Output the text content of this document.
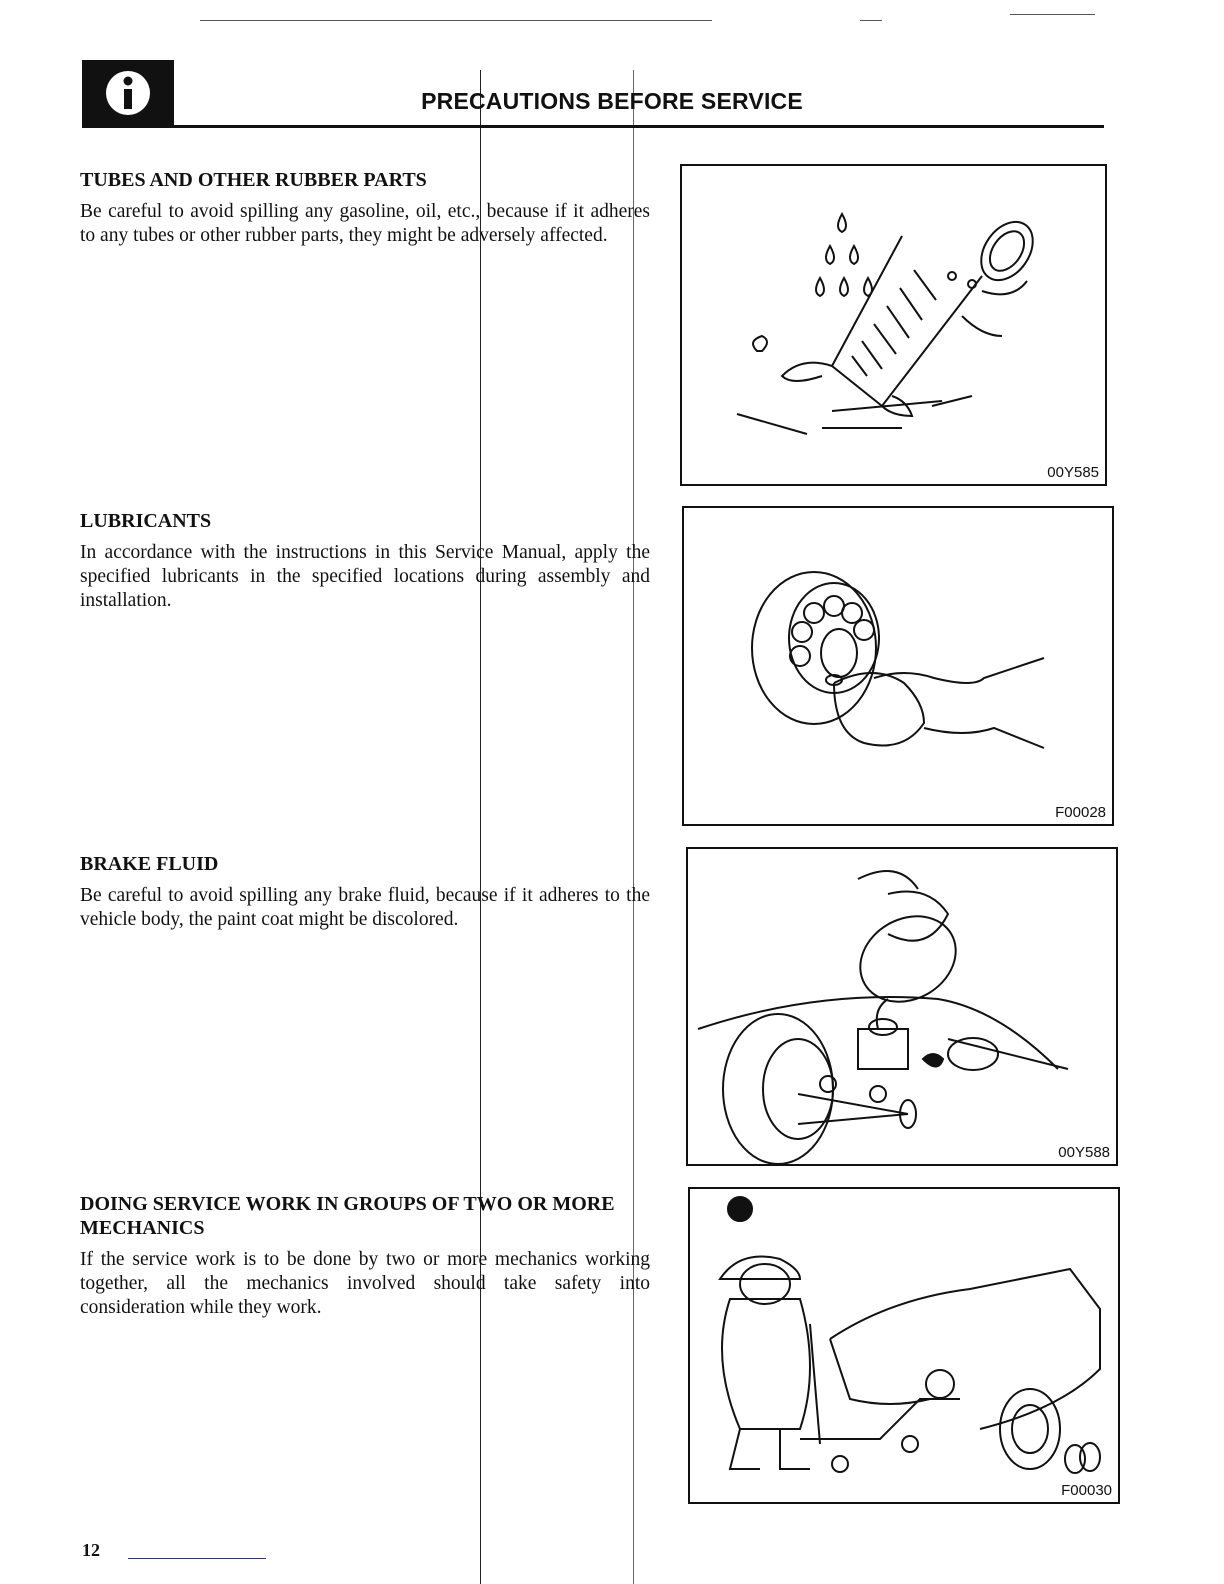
PRECAUTIONS BEFORE SERVICE
TUBES AND OTHER RUBBER PARTS
Be careful to avoid spilling any gasoline, oil, etc., because if it adheres to any tubes or other rubber parts, they might be adversely affected.
00Y585
LUBRICANTS
In accordance with the instructions in this Service Manual, apply the specified lubricants in the specified locations during assembly and installation.
F00028
BRAKE FLUID
Be careful to avoid spilling any brake fluid, because if it adheres to the vehicle body, the paint coat might be discolored.
00Y588
DOING SERVICE WORK IN GROUPS OF TWO OR MORE MECHANICS
If the service work is to be done by two or more mechanics working together, all the mechanics involved should take safety into consideration while they work.
F00030
12
